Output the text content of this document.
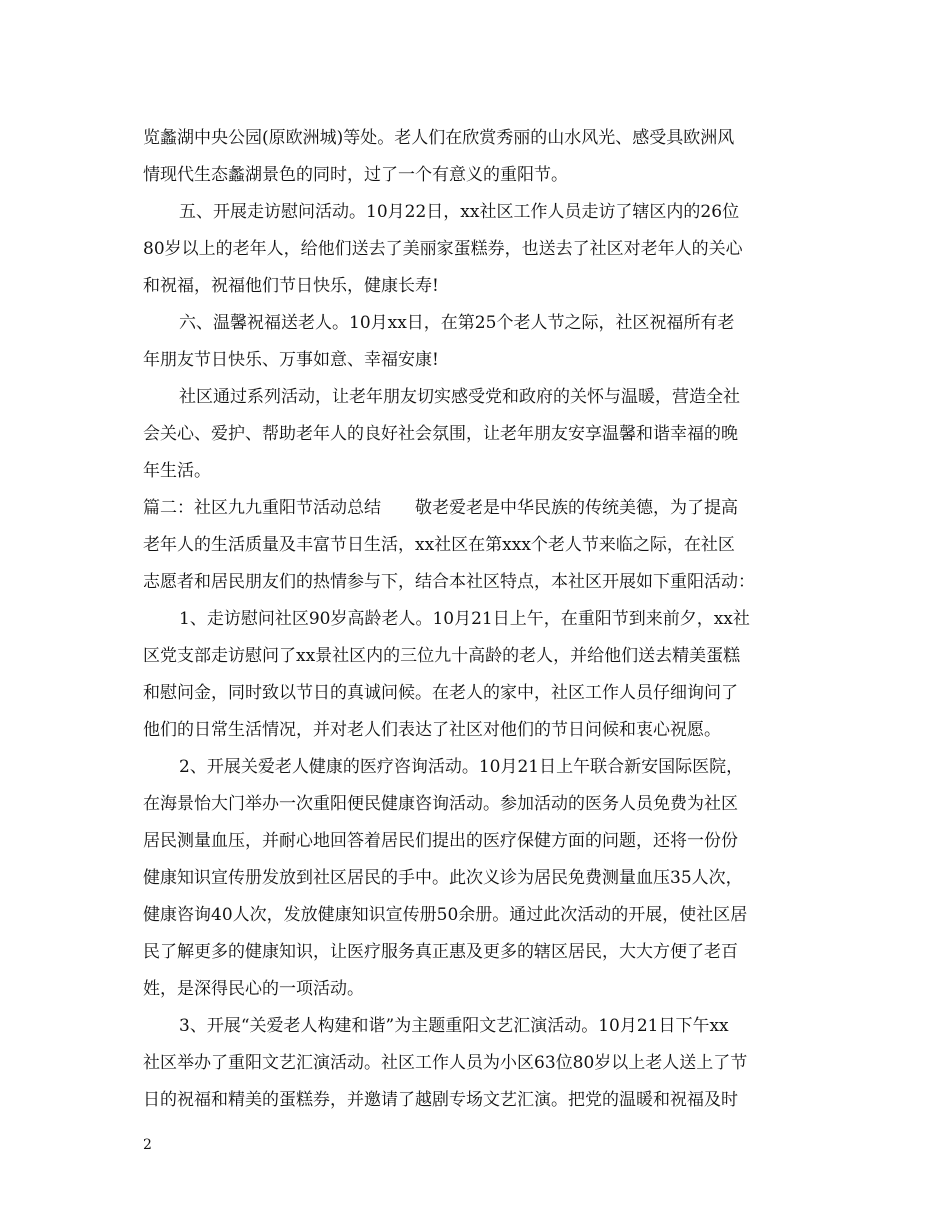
览蠡湖中央公园(原欧洲城)等处。老人们在欣赏秀丽的山水风光、感受具欧洲风
情现代生态蠡湖景色的同时，过了一个有意义的重阳节。
五、开展走访慰问活动。10月22日，xx社区工作人员走访了辖区内的26位
80岁以上的老年人，给他们送去了美丽家蛋糕券，也送去了社区对老年人的关心
和祝福，祝福他们节日快乐，健康长寿!
六、温馨祝福送老人。10月xx日，在第25个老人节之际，社区祝福所有老
年朋友节日快乐、万事如意、幸福安康!
社区通过系列活动，让老年朋友切实感受党和政府的关怀与温暖，营造全社
会关心、爱护、帮助老年人的良好社会氛围，让老年朋友安享温馨和谐幸福的晚
年生活。
篇二：社区九九重阳节活动总结　　敬老爱老是中华民族的传统美德，为了提高
老年人的生活质量及丰富节日生活，xx社区在第xxx个老人节来临之际，在社区
志愿者和居民朋友们的热情参与下，结合本社区特点，本社区开展如下重阳活动：
1、走访慰问社区90岁高龄老人。10月21日上午，在重阳节到来前夕，xx社
区党支部走访慰问了xx景社区内的三位九十高龄的老人，并给他们送去精美蛋糕
和慰问金，同时致以节日的真诚问候。在老人的家中，社区工作人员仔细询问了
他们的日常生活情况，并对老人们表达了社区对他们的节日问候和衷心祝愿。
2、开展关爱老人健康的医疗咨询活动。10月21日上午联合新安国际医院，
在海景怡大门举办一次重阳便民健康咨询活动。参加活动的医务人员免费为社区
居民测量血压，并耐心地回答着居民们提出的医疗保健方面的问题，还将一份份
健康知识宣传册发放到社区居民的手中。此次义诊为居民免费测量血压35人次，
健康咨询40人次，发放健康知识宣传册50余册。通过此次活动的开展，使社区居
民了解更多的健康知识，让医疗服务真正惠及更多的辖区居民，大大方便了老百
姓，是深得民心的一项活动。
3、开展“关爱老人构建和谐”为主题重阳文艺汇演活动。10月21日下午xx
社区举办了重阳文艺汇演活动。社区工作人员为小区63位80岁以上老人送上了节
日的祝福和精美的蛋糕券，并邀请了越剧专场文艺汇演。把党的温暖和祝福及时
2
